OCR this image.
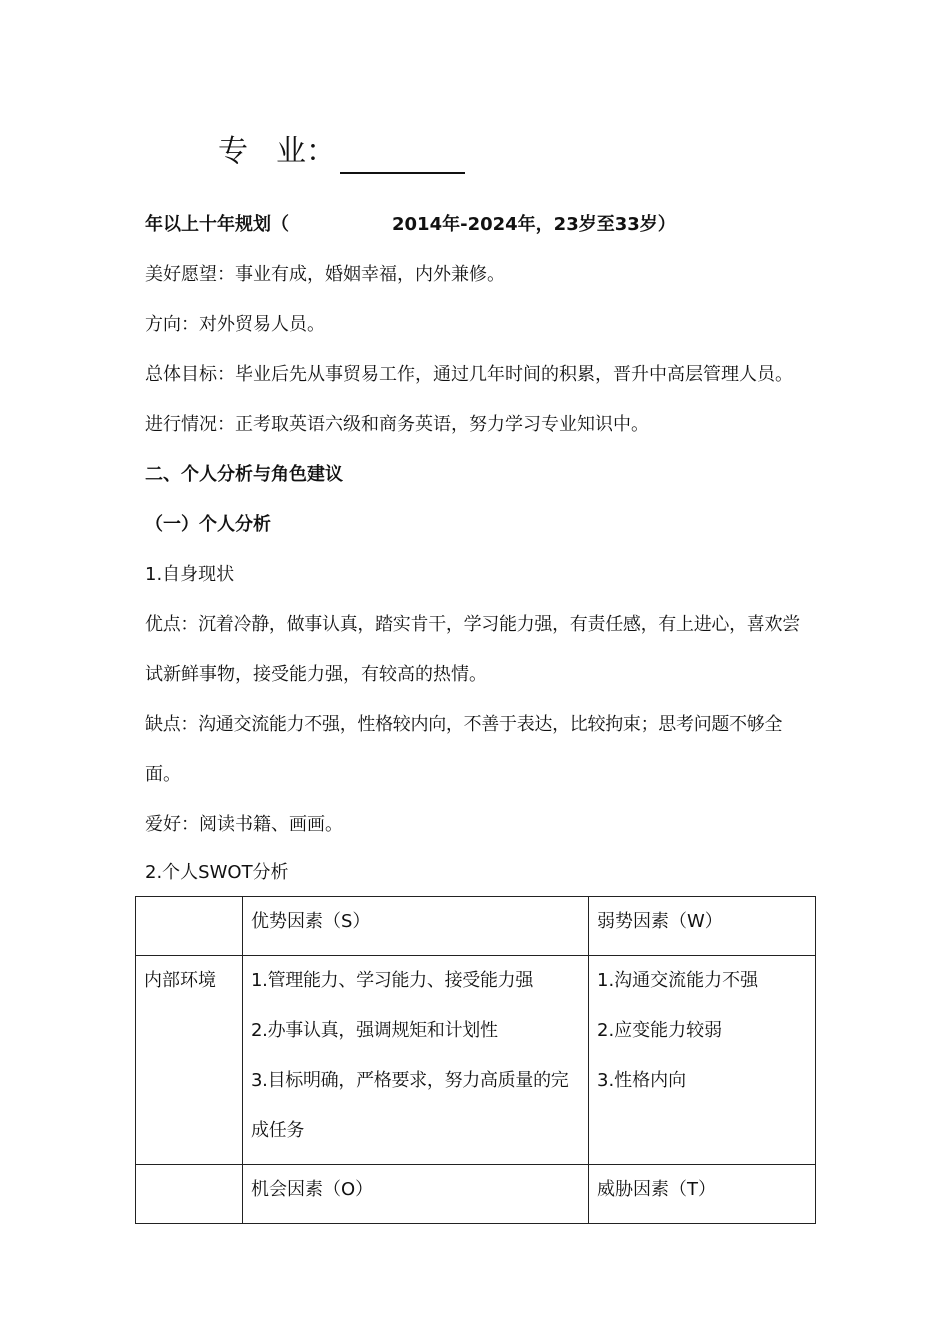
专 业：
年以上十年规划（	2014年-2024年，23岁至33岁）
美好愿望：事业有成，婚姻幸福，内外兼修。
方向：对外贸易人员。
总体目标：毕业后先从事贸易工作，通过几年时间的积累，晋升中高层管理人员。
进行情况：正考取英语六级和商务英语，努力学习专业知识中。
二、个人分析与角色建议
（一）个人分析
1.自身现状
优点：沉着冷静，做事认真，踏实肯干，学习能力强，有责任感，有上进心，喜欢尝
试新鲜事物，接受能力强，有较高的热情。
缺点：沟通交流能力不强，性格较内向，不善于表达，比较拘束；思考问题不够全
面。
爱好：阅读书籍、画画。
2.个人SWOT分析

	优势因素（S）	弱势因素（W）

内部环境	1.管理能力、学习能力、接受能力强
2.办事认真，强调规矩和计划性
3.目标明确，严格要求，努力高质量的完
成任务	1.沟通交流能力不强
2.应变能力较弱
3.性格内向

	机会因素（O）	威胁因素（T）
